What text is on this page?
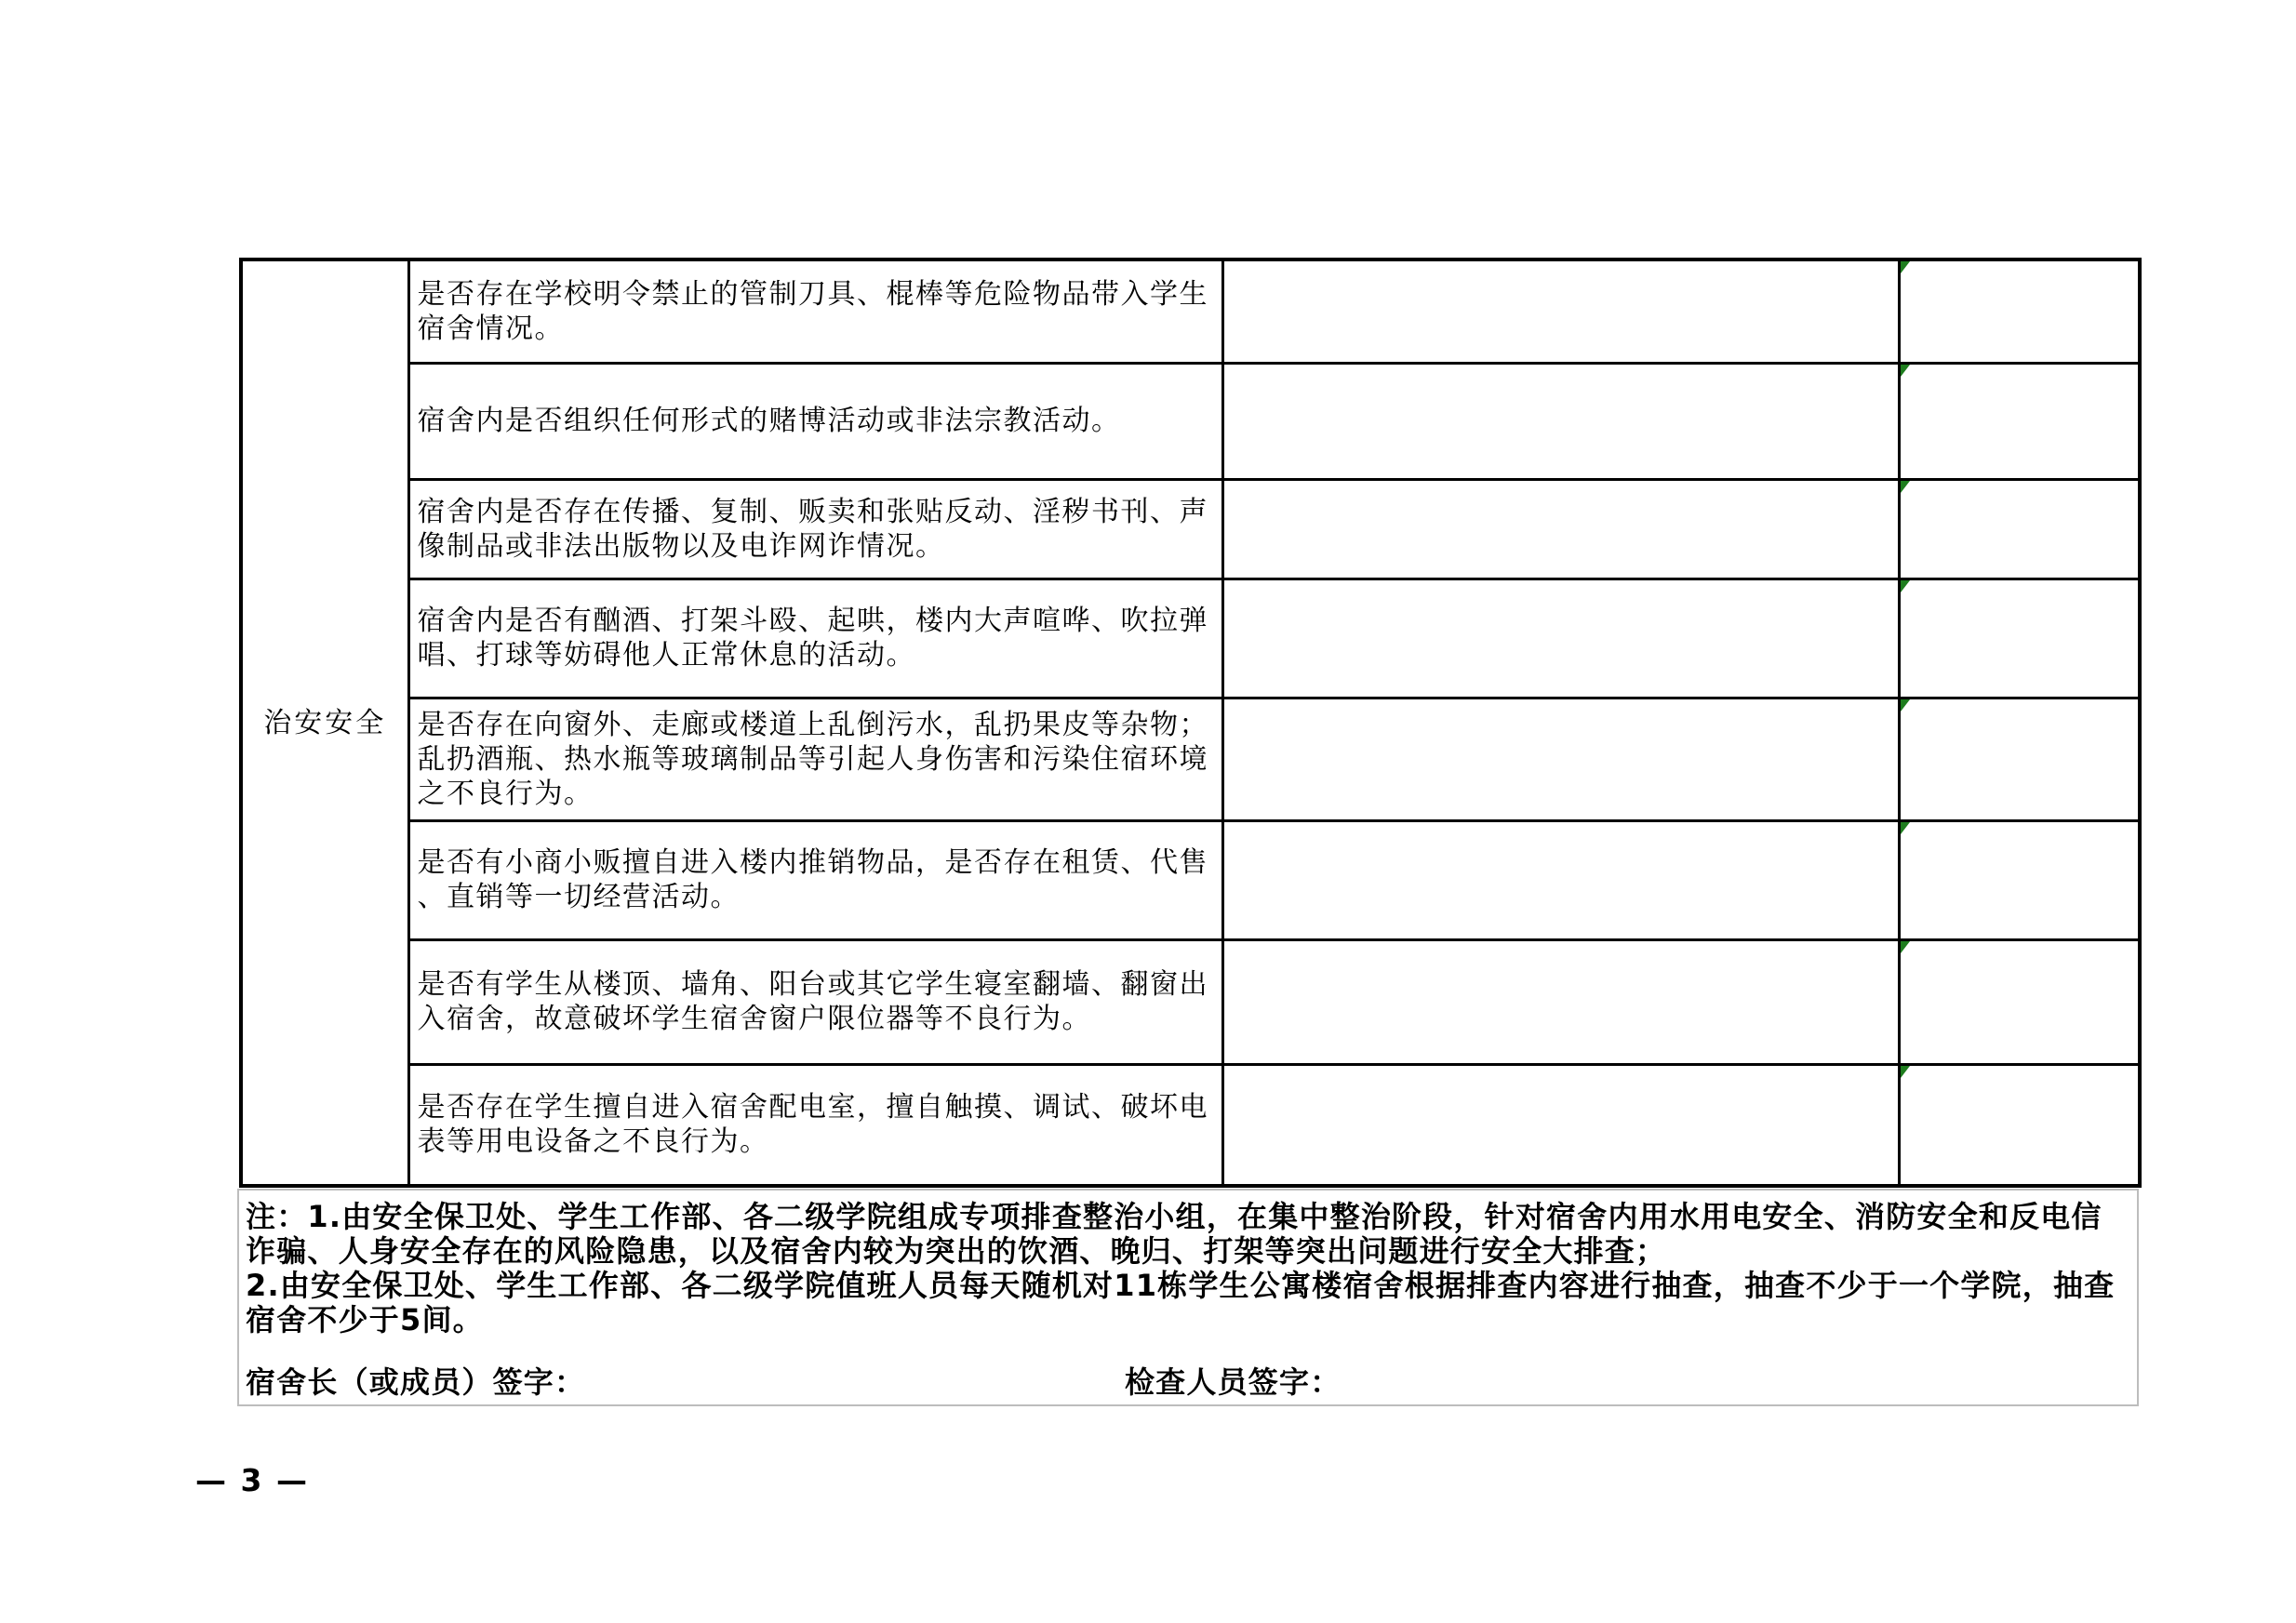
治安安全	是否存在学校明令禁止的管制刀具、棍棒等危险物品带入学生宿舍情况。		

	宿舍内是否组织任何形式的赌博活动或非法宗教活动。		

	宿舍内是否存在传播、复制、贩卖和张贴反动、淫秽书刊、声像制品或非法出版物以及电诈网诈情况。		

	宿舍内是否有酗酒、打架斗殴、起哄，楼内大声喧哗、吹拉弹唱、打球等妨碍他人正常休息的活动。		

	是否存在向窗外、走廊或楼道上乱倒污水，乱扔果皮等杂物；乱扔酒瓶、热水瓶等玻璃制品等引起人身伤害和污染住宿环境之不良行为。		

	是否有小商小贩擅自进入楼内推销物品，是否存在租赁、代售、直销等一切经营活动。		

	是否有学生从楼顶、墙角、阳台或其它学生寝室翻墙、翻窗出入宿舍，故意破坏学生宿舍窗户限位器等不良行为。		

	是否存在学生擅自进入宿舍配电室，擅自触摸、调试、破坏电表等用电设备之不良行为。		

注：1.由安全保卫处、学生工作部、各二级学院组成专项排查整治小组，在集中整治阶段，针对宿舍内用水用电安全、消防安全和反电信诈骗、人身安全存在的风险隐患，以及宿舍内较为突出的饮酒、晚归、打架等突出问题进行安全大排查；

2.由安全保卫处、学生工作部、各二级学院值班人员每天随机对11栋学生公寓楼宿舍根据排查内容进行抽查，抽查不少于一个学院，抽查宿舍不少于5间。

宿舍长（或成员）签字：	检查人员签字：
— 3 —
